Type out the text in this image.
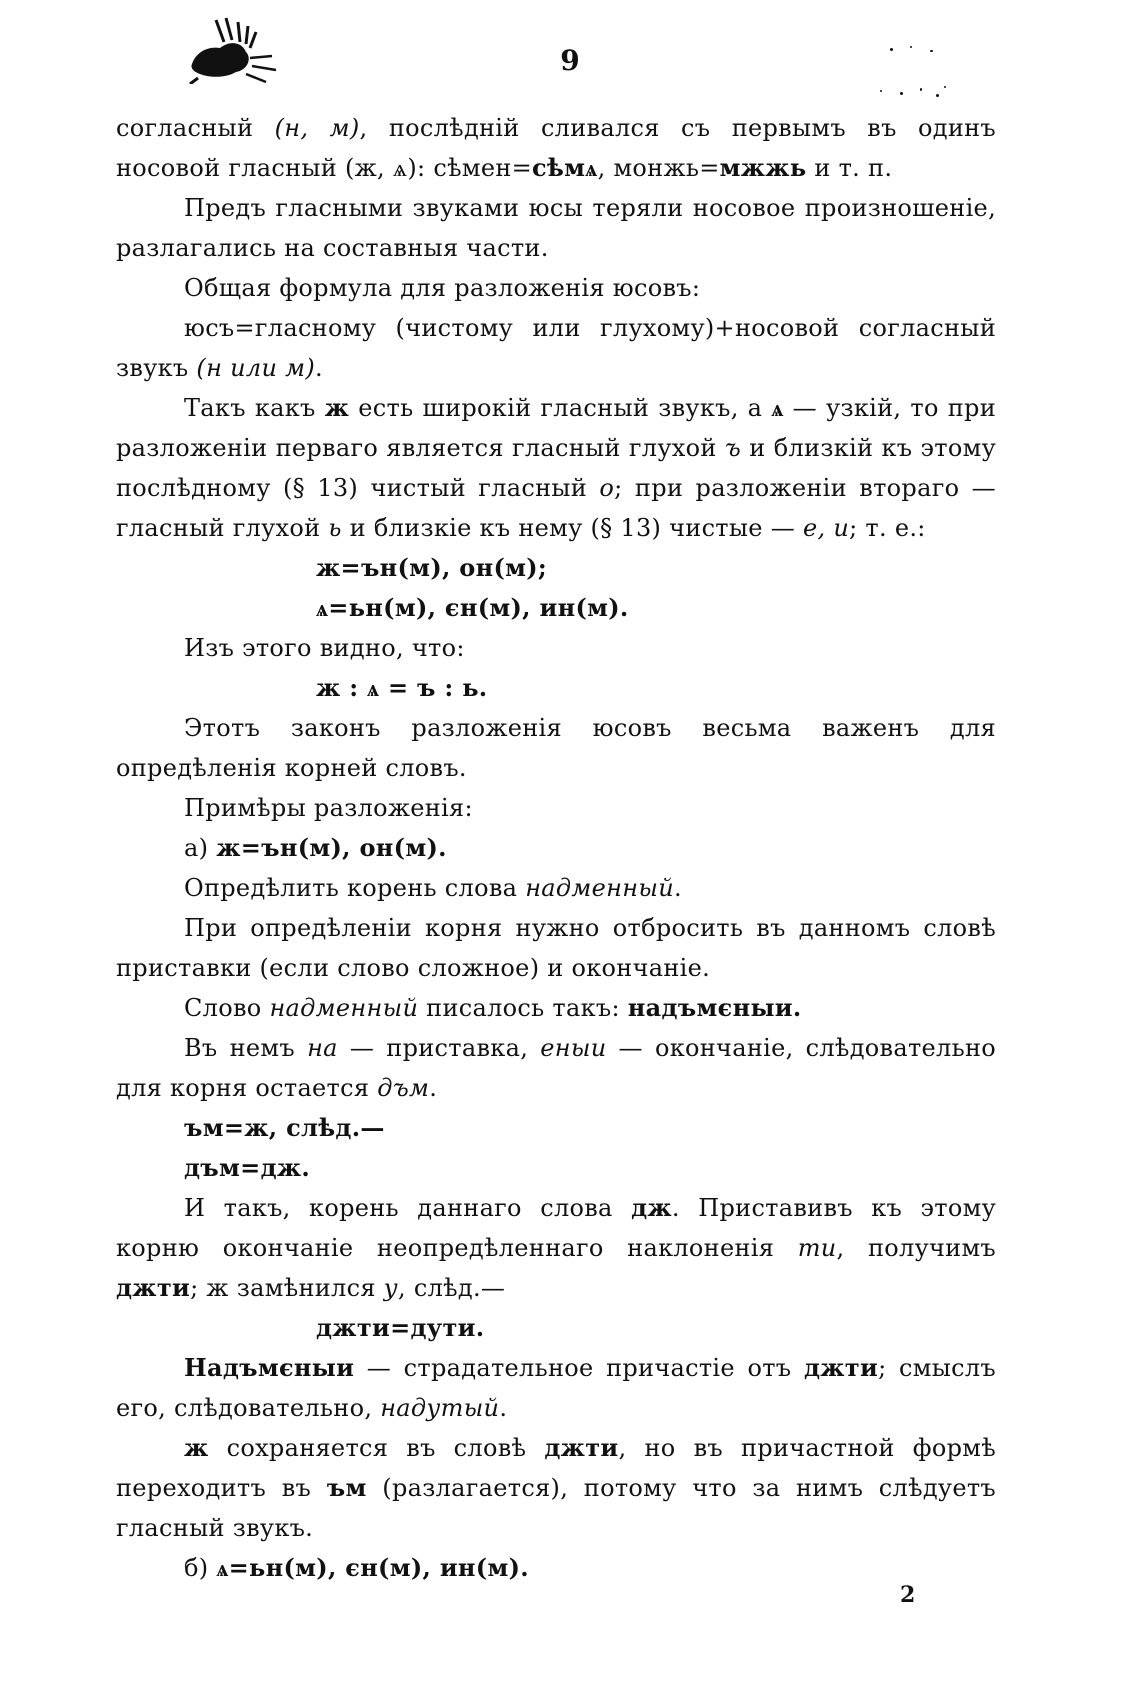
9
согласный (н, м), послѣдній сливался съ первымъ въ одинъ носовой гласный (ж, ѧ): сѣмен=сѣмѧ, монжь=мжжь и т. п.
Предъ гласными звуками юсы теряли носовое произношеніе, разлагались на составныя части.
Общая формула для разложенія юсовъ:
юсъ=гласному (чистому или глухому)+носовой согласный звукъ (н или м).
Такъ какъ ж есть широкій гласный звукъ, а ѧ — узкій, то при разложеніи перваго является гласный глухой ъ и близкій къ этому послѣдному (§ 13) чистый гласный о; при разложеніи втораго — гласный глухой ь и близкіе къ нему (§ 13) чистые — е, и; т. е.:
ж=ън(м), он(м);
ѧ=ьн(м), єн(м), ин(м).
Изъ этого видно, что:
ж : ѧ = ъ : ь.
Этотъ законъ разложенія юсовъ весьма важенъ для опредѣленія корней словъ.
Примѣры разложенія:
а) ж=ън(м), он(м).
Опредѣлить корень слова надменный.
При опредѣленіи корня нужно отбросить въ данномъ словѣ приставки (если слово сложное) и окончаніе.
Слово надменный писалось такъ: надъмєныи.
Въ немъ на — приставка, еныи — окончаніе, слѣдовательно для корня остается дъм.
ъм=ж, слѣд.—
дъм=дж.
И такъ, корень даннаго слова дж. Приставивъ къ этому корню окончаніе неопредѣленнаго наклоненія ти, получимъ джти; ж замѣнился у, слѣд.—
джти=дути.
Надъмєныи — страдательное причастіе отъ джти; смыслъ его, слѣдовательно, надутый.
ж сохраняется въ словѣ джти, но въ причастной формѣ переходитъ въ ъм (разлагается), потому что за нимъ слѣдуетъ гласный звукъ.
б) ѧ=ьн(м), єн(м), ин(м).
2
